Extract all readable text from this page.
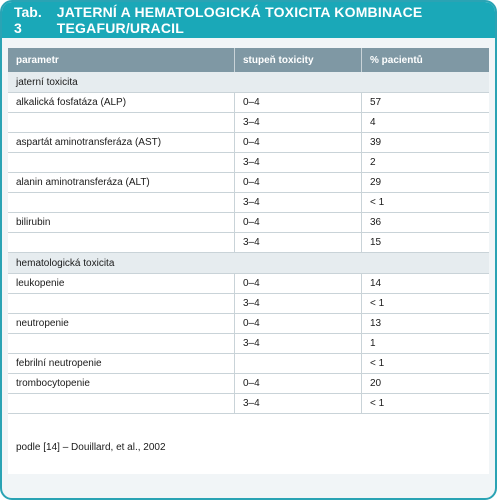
Tab. 3
JATERNÍ A HEMATOLOGICKÁ TOXICITA KOMBINACE TEGAFUR/URACIL
parametr	stupeň toxicity	% pacientů
jaterní toxicita		
alkalická fosfatáza (ALP)	0–4	57
	3–4	4
aspartát aminotransferáza (AST)	0–4	39
	3–4	2
alanin aminotransferáza (ALT)	0–4	29
	3–4	< 1
bilirubin	0–4	36
	3–4	15
hematologická toxicita		
leukopenie	0–4	14
	3–4	< 1
neutropenie	0–4	13
	3–4	1
febrilní neutropenie		< 1
trombocytopenie	0–4	20
	3–4	< 1
podle [14] – Douillard, et al., 2002		
